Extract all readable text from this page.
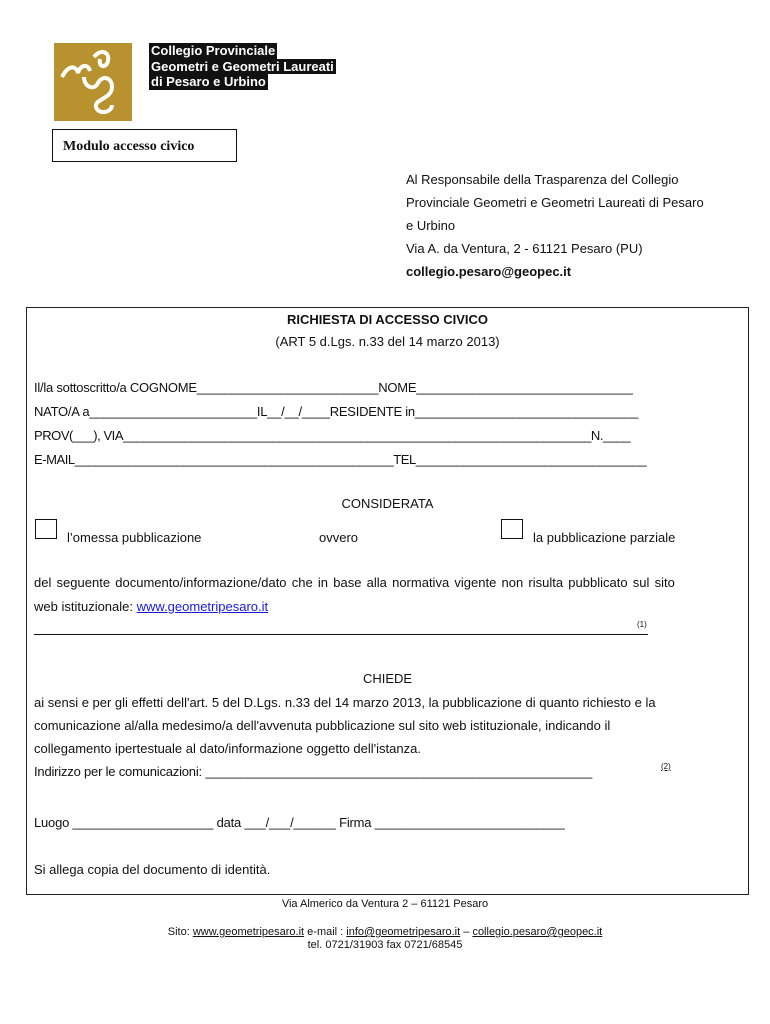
Collegio Provinciale
Geometri e Geometri Laureati
di Pesaro e Urbino
Modulo accesso civico
Al Responsabile della Trasparenza del Collegio
Provinciale Geometri e Geometri Laureati di Pesaro
e Urbino
Via A. da Ventura, 2 - 61121 Pesaro (PU)
collegio.pesaro@geopec.it
RICHIESTA DI ACCESSO CIVICO
(ART 5 d.Lgs. n.33 del 14 marzo 2013)
Il/la sottoscritto/a COGNOME__________________________NOME_______________________________
NATO/A a________________________IL__/__/____RESIDENTE in________________________________
PROV(___), VIA_____________________________________________________________________N.____
E-MAIL_______________________________________________TEL__________________________________
CONSIDERATA
l’omessa pubblicazione	ovvero	la pubblicazione parziale
del seguente documento/informazione/dato che in base alla normativa vigente non risulta pubblicato sul sito
web istituzionale: www.geometripesaro.it
(1)
CHIEDE
ai sensi e per gli effetti dell'art. 5 del D.Lgs. n.33 del 14 marzo 2013, la pubblicazione di quanto richiesto e la
comunicazione al/alla medesimo/a dell'avvenuta pubblicazione sul sito web istituzionale, indicando il
collegamento ipertestuale al dato/informazione oggetto dell'istanza.
Indirizzo per le comunicazioni: _______________________________________________________	(2)
Luogo ____________________ data ___/___/______ Firma ___________________________
Si allega copia del documento di identità.
Via Almerico da Ventura 2 – 61121 Pesaro
Sito: www.geometripesaro.it e-mail : info@geometripesaro.it – collegio.pesaro@geopec.it
tel. 0721/31903 fax 0721/68545
